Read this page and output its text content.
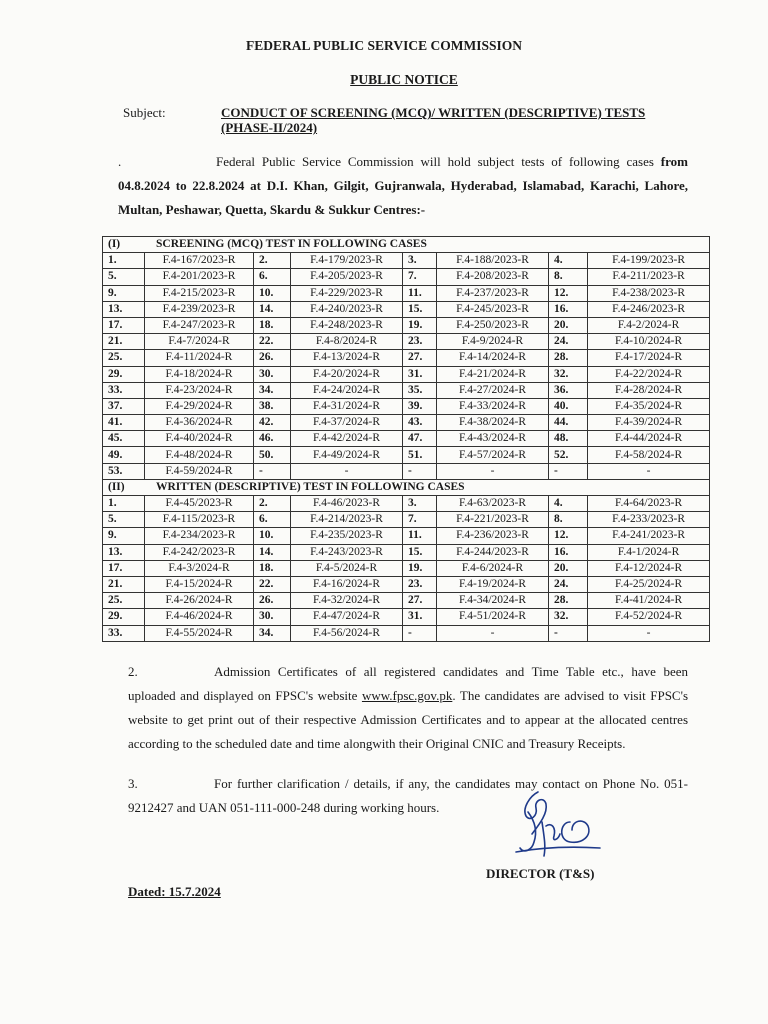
FEDERAL PUBLIC SERVICE COMMISSION
PUBLIC NOTICE
Subject:	CONDUCT OF SCREENING (MCQ)/ WRITTEN (DESCRIPTIVE) TESTS (PHASE-II/2024)
.	Federal Public Service Commission will hold subject tests of following cases from 04.8.2024 to 22.8.2024 at D.I. Khan, Gilgit, Gujranwala, Hyderabad, Islamabad, Karachi, Lahore, Multan, Peshawar, Quetta, Skardu & Sukkur Centres:-
(I) SCREENING (MCQ) TEST IN FOLLOWING CASES							
1.	F.4-167/2023-R	2.	F.4-179/2023-R	3.	F.4-188/2023-R	4.	F.4-199/2023-R
5.	F.4-201/2023-R	6.	F.4-205/2023-R	7.	F.4-208/2023-R	8.	F.4-211/2023-R
9.	F.4-215/2023-R	10.	F.4-229/2023-R	11.	F.4-237/2023-R	12.	F.4-238/2023-R
13.	F.4-239/2023-R	14.	F.4-240/2023-R	15.	F.4-245/2023-R	16.	F.4-246/2023-R
17.	F.4-247/2023-R	18.	F.4-248/2023-R	19.	F.4-250/2023-R	20.	F.4-2/2024-R
21.	F.4-7/2024-R	22.	F.4-8/2024-R	23.	F.4-9/2024-R	24.	F.4-10/2024-R
25.	F.4-11/2024-R	26.	F.4-13/2024-R	27.	F.4-14/2024-R	28.	F.4-17/2024-R
29.	F.4-18/2024-R	30.	F.4-20/2024-R	31.	F.4-21/2024-R	32.	F.4-22/2024-R
33.	F.4-23/2024-R	34.	F.4-24/2024-R	35.	F.4-27/2024-R	36.	F.4-28/2024-R
37.	F.4-29/2024-R	38.	F.4-31/2024-R	39.	F.4-33/2024-R	40.	F.4-35/2024-R
41.	F.4-36/2024-R	42.	F.4-37/2024-R	43.	F.4-38/2024-R	44.	F.4-39/2024-R
45.	F.4-40/2024-R	46.	F.4-42/2024-R	47.	F.4-43/2024-R	48.	F.4-44/2024-R
49.	F.4-48/2024-R	50.	F.4-49/2024-R	51.	F.4-57/2024-R	52.	F.4-58/2024-R
53.	F.4-59/2024-R	-	-	-	-	-	-
(II) WRITTEN (DESCRIPTIVE) TEST IN FOLLOWING CASES							
1.	F.4-45/2023-R	2.	F.4-46/2023-R	3.	F.4-63/2023-R	4.	F.4-64/2023-R
5.	F.4-115/2023-R	6.	F.4-214/2023-R	7.	F.4-221/2023-R	8.	F.4-233/2023-R
9.	F.4-234/2023-R	10.	F.4-235/2023-R	11.	F.4-236/2023-R	12.	F.4-241/2023-R
13.	F.4-242/2023-R	14.	F.4-243/2023-R	15.	F.4-244/2023-R	16.	F.4-1/2024-R
17.	F.4-3/2024-R	18.	F.4-5/2024-R	19.	F.4-6/2024-R	20.	F.4-12/2024-R
21.	F.4-15/2024-R	22.	F.4-16/2024-R	23.	F.4-19/2024-R	24.	F.4-25/2024-R
25.	F.4-26/2024-R	26.	F.4-32/2024-R	27.	F.4-34/2024-R	28.	F.4-41/2024-R
29.	F.4-46/2024-R	30.	F.4-47/2024-R	31.	F.4-51/2024-R	32.	F.4-52/2024-R
33.	F.4-55/2024-R	34.	F.4-56/2024-R	-	-	-	-
2.	Admission Certificates of all registered candidates and Time Table etc., have been uploaded and displayed on FPSC's website www.fpsc.gov.pk. The candidates are advised to visit FPSC's website to get print out of their respective Admission Certificates and to appear at the allocated centres according to the scheduled date and time alongwith their Original CNIC and Treasury Receipts.
3.	For further clarification / details, if any, the candidates may contact on Phone No. 051-9212427 and UAN 051-111-000-248 during working hours.
DIRECTOR (T&S)
Dated: 15.7.2024
